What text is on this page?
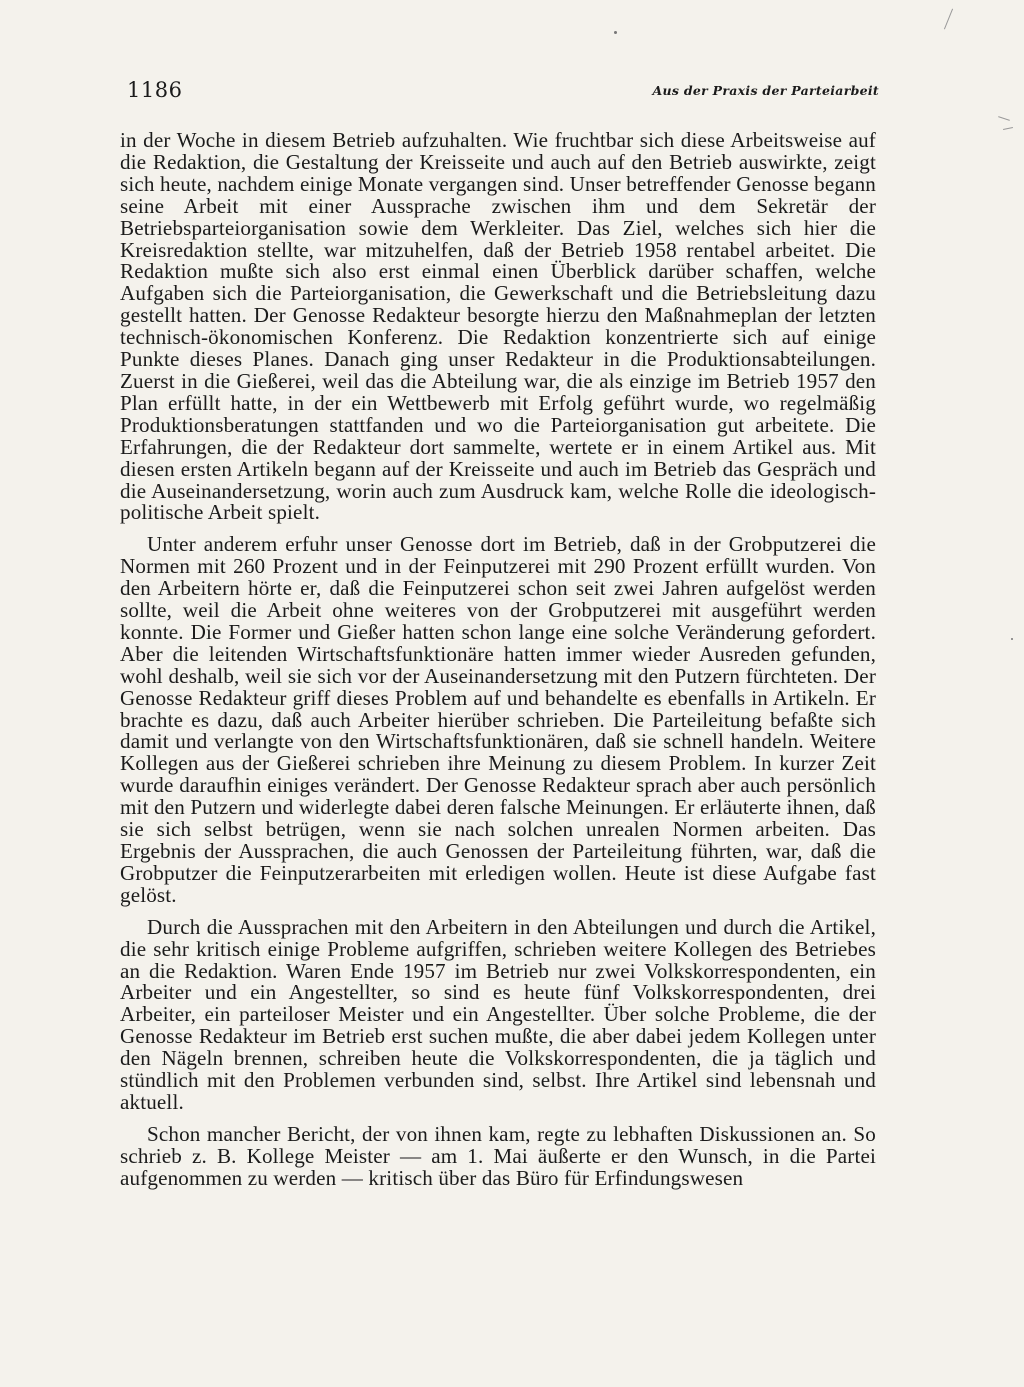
1186	Aus der Praxis der Parteiarbeit

in der Woche in diesem Betrieb aufzuhalten. Wie fruchtbar sich diese Arbeitsweise auf die Redaktion, die Gestaltung der Kreisseite und auch auf den Betrieb auswirkte, zeigt sich heute, nachdem einige Monate vergangen sind. Unser betreffender Genosse begann seine Arbeit mit einer Aussprache zwischen ihm und dem Sekretär der Betriebsparteiorganisation sowie dem Werkleiter. Das Ziel, welches sich hier die Kreisredaktion stellte, war mitzuhelfen, daß der Betrieb 1958 rentabel arbeitet. Die Redaktion mußte sich also erst einmal einen Überblick darüber schaffen, welche Aufgaben sich die Parteiorganisation, die Gewerkschaft und die Betriebsleitung dazu gestellt hatten. Der Genosse Redakteur besorgte hierzu den Maßnahmeplan der letzten technisch-ökonomischen Konferenz. Die Redaktion konzentrierte sich auf einige Punkte dieses Planes. Danach ging unser Redakteur in die Produktionsabteilungen. Zuerst in die Gießerei, weil das die Abteilung war, die als einzige im Betrieb 1957 den Plan erfüllt hatte, in der ein Wettbewerb mit Erfolg geführt wurde, wo regelmäßig Produktionsberatungen stattfanden und wo die Parteiorganisation gut arbeitete. Die Erfahrungen, die der Redakteur dort sammelte, wertete er in einem Artikel aus. Mit diesen ersten Artikeln begann auf der Kreisseite und auch im Betrieb das Gespräch und die Auseinandersetzung, worin auch zum Ausdruck kam, welche Rolle die ideologisch-politische Arbeit spielt.

Unter anderem erfuhr unser Genosse dort im Betrieb, daß in der Grobputzerei die Normen mit 260 Prozent und in der Feinputzerei mit 290 Prozent erfüllt wurden. Von den Arbeitern hörte er, daß die Feinputzerei schon seit zwei Jahren aufgelöst werden sollte, weil die Arbeit ohne weiteres von der Grobputzerei mit ausgeführt werden konnte. Die Former und Gießer hatten schon lange eine solche Veränderung gefordert. Aber die leitenden Wirtschaftsfunktionäre hatten immer wieder Ausreden gefunden, wohl deshalb, weil sie sich vor der Auseinandersetzung mit den Putzern fürchteten. Der Genosse Redakteur griff dieses Problem auf und behandelte es ebenfalls in Artikeln. Er brachte es dazu, daß auch Arbeiter hierüber schrieben. Die Parteileitung befaßte sich damit und verlangte von den Wirtschaftsfunktionären, daß sie schnell handeln. Weitere Kollegen aus der Gießerei schrieben ihre Meinung zu diesem Problem. In kurzer Zeit wurde daraufhin einiges verändert. Der Genosse Redakteur sprach aber auch persönlich mit den Putzern und widerlegte dabei deren falsche Meinungen. Er erläuterte ihnen, daß sie sich selbst betrügen, wenn sie nach solchen unrealen Normen arbeiten. Das Ergebnis der Aussprachen, die auch Genossen der Parteileitung führten, war, daß die Grobputzer die Feinputzerarbeiten mit erledigen wollen. Heute ist diese Aufgabe fast gelöst.

Durch die Aussprachen mit den Arbeitern in den Abteilungen und durch die Artikel, die sehr kritisch einige Probleme aufgriffen, schrieben weitere Kollegen des Betriebes an die Redaktion. Waren Ende 1957 im Betrieb nur zwei Volkskorrespondenten, ein Arbeiter und ein Angestellter, so sind es heute fünf Volkskorrespondenten, drei Arbeiter, ein parteiloser Meister und ein Angestellter. Über solche Probleme, die der Genosse Redakteur im Betrieb erst suchen mußte, die aber dabei jedem Kollegen unter den Nägeln brennen, schreiben heute die Volkskorrespondenten, die ja täglich und stündlich mit den Problemen verbunden sind, selbst. Ihre Artikel sind lebensnah und aktuell.

Schon mancher Bericht, der von ihnen kam, regte zu lebhaften Diskussionen an. So schrieb z. B. Kollege Meister — am 1. Mai äußerte er den Wunsch, in die Partei aufgenommen zu werden — kritisch über das Büro für Erfindungswesen
